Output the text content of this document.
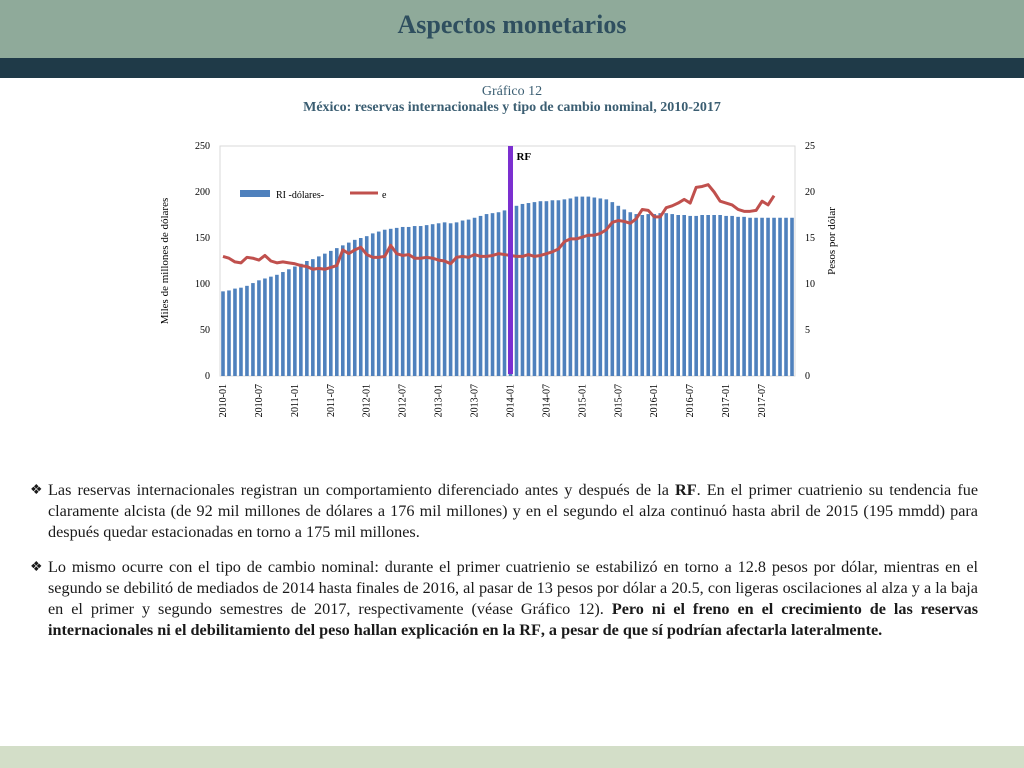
Aspectos monetarios
Gráfico 12
México: reservas internacionales y tipo de cambio nominal, 2010-2017
0
50
100
150
200
250
0
5
10
15
20
25
2010-01 2010-07 2011-01 2011-07 2012-01 2012-07 2013-01 2013-07 2014-01 2014-07 2015-01 2015-07 2016-01 2016-07 2017-01 2017-07
RF
RI -dólares-	e
Miles de millones de dólares	Pesos por dólar
❖ Las reservas internacionales registran un comportamiento diferenciado antes y después de la RF. En el primer cuatrienio su tendencia fue claramente alcista (de 92 mil millones de dólares a 176 mil millones) y en el segundo el alza continuó hasta abril de 2015 (195 mmdd) para después quedar estacionadas en torno a 175 mil millones.
❖ Lo mismo ocurre con el tipo de cambio nominal: durante el primer cuatrienio se estabilizó en torno a 12.8 pesos por dólar, mientras en el segundo se debilitó de mediados de 2014 hasta finales de 2016, al pasar de 13 pesos por dólar a 20.5, con ligeras oscilaciones al alza y a la baja en el primer y segundo semestres de 2017, respectivamente (véase Gráfico 12). Pero ni el freno en el crecimiento de las reservas internacionales ni el debilitamiento del peso hallan explicación en la RF, a pesar de que sí podrían afectarla lateralmente.
